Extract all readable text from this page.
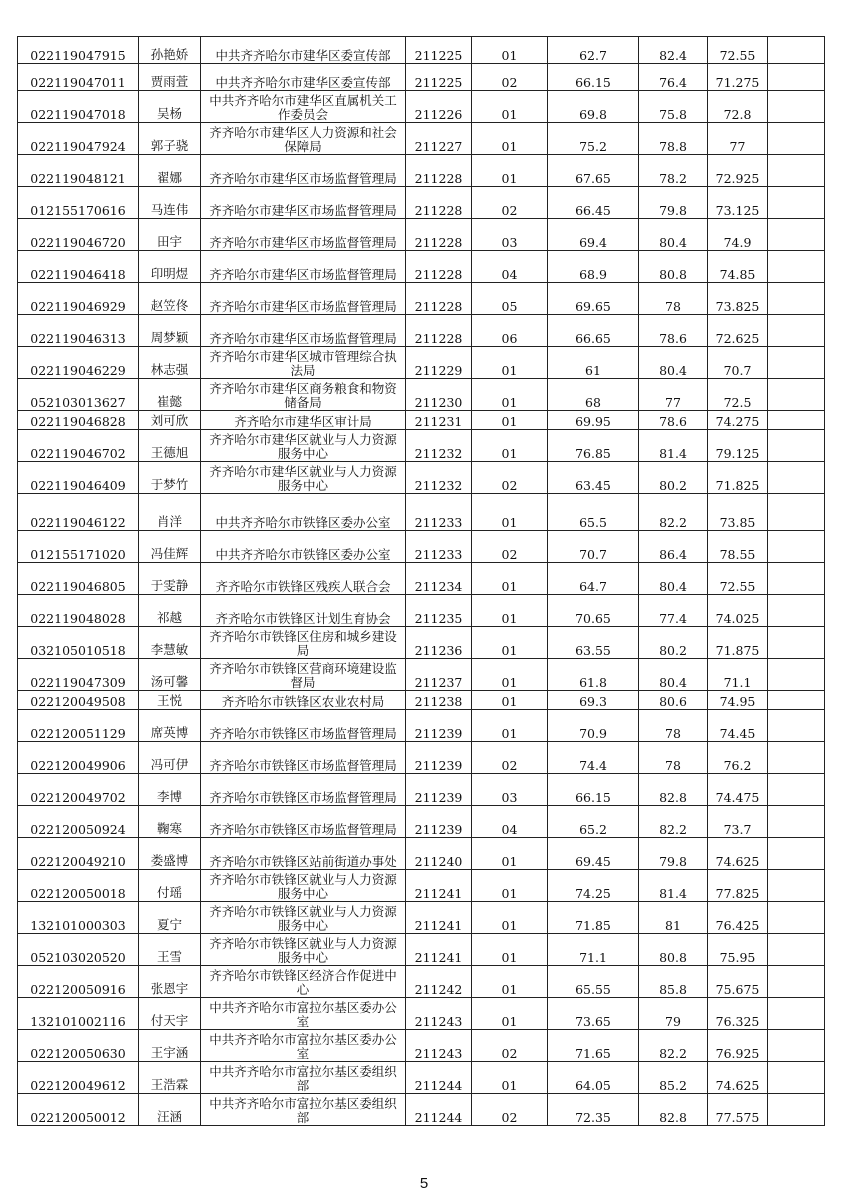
022119047915	孙艳娇	中共齐齐哈尔市建华区委宣传部	211225	01	62.7	82.4	72.55	
022119047011	贾雨萱	中共齐齐哈尔市建华区委宣传部	211225	02	66.15	76.4	71.275	
022119047018	吴杨	中共齐齐哈尔市建华区直属机关工作委员会	211226	01	69.8	75.8	72.8	
022119047924	郭子骁	齐齐哈尔市建华区人力资源和社会保障局	211227	01	75.2	78.8	77	
022119048121	翟娜	齐齐哈尔市建华区市场监督管理局	211228	01	67.65	78.2	72.925	
012155170616	马连伟	齐齐哈尔市建华区市场监督管理局	211228	02	66.45	79.8	73.125	
022119046720	田宇	齐齐哈尔市建华区市场监督管理局	211228	03	69.4	80.4	74.9	
022119046418	印明煜	齐齐哈尔市建华区市场监督管理局	211228	04	68.9	80.8	74.85	
022119046929	赵笠佟	齐齐哈尔市建华区市场监督管理局	211228	05	69.65	78	73.825	
022119046313	周梦颖	齐齐哈尔市建华区市场监督管理局	211228	06	66.65	78.6	72.625	
022119046229	林志强	齐齐哈尔市建华区城市管理综合执法局	211229	01	61	80.4	70.7	
052103013627	崔懿	齐齐哈尔市建华区商务粮食和物资储备局	211230	01	68	77	72.5	
022119046828	刘可欣	齐齐哈尔市建华区审计局	211231	01	69.95	78.6	74.275	
022119046702	王德旭	齐齐哈尔市建华区就业与人力资源服务中心	211232	01	76.85	81.4	79.125	
022119046409	于梦竹	齐齐哈尔市建华区就业与人力资源服务中心	211232	02	63.45	80.2	71.825	
022119046122	肖洋	中共齐齐哈尔市铁锋区委办公室	211233	01	65.5	82.2	73.85	
012155171020	冯佳辉	中共齐齐哈尔市铁锋区委办公室	211233	02	70.7	86.4	78.55	
022119046805	于雯静	齐齐哈尔市铁锋区残疾人联合会	211234	01	64.7	80.4	72.55	
022119048028	祁越	齐齐哈尔市铁锋区计划生育协会	211235	01	70.65	77.4	74.025	
032105010518	李慧敏	齐齐哈尔市铁锋区住房和城乡建设局	211236	01	63.55	80.2	71.875	
022119047309	汤可馨	齐齐哈尔市铁锋区营商环境建设监督局	211237	01	61.8	80.4	71.1	
022120049508	王悦	齐齐哈尔市铁锋区农业农村局	211238	01	69.3	80.6	74.95	
022120051129	席英博	齐齐哈尔市铁锋区市场监督管理局	211239	01	70.9	78	74.45	
022120049906	冯可伊	齐齐哈尔市铁锋区市场监督管理局	211239	02	74.4	78	76.2	
022120049702	李博	齐齐哈尔市铁锋区市场监督管理局	211239	03	66.15	82.8	74.475	
022120050924	鞠寒	齐齐哈尔市铁锋区市场监督管理局	211239	04	65.2	82.2	73.7	
022120049210	娄盛博	齐齐哈尔市铁锋区站前街道办事处	211240	01	69.45	79.8	74.625	
022120050018	付瑶	齐齐哈尔市铁锋区就业与人力资源服务中心	211241	01	74.25	81.4	77.825	
132101000303	夏宁	齐齐哈尔市铁锋区就业与人力资源服务中心	211241	01	71.85	81	76.425	
052103020520	王雪	齐齐哈尔市铁锋区就业与人力资源服务中心	211241	01	71.1	80.8	75.95	
022120050916	张恩宇	齐齐哈尔市铁锋区经济合作促进中心	211242	01	65.55	85.8	75.675	
132101002116	付天宇	中共齐齐哈尔市富拉尔基区委办公室	211243	01	73.65	79	76.325	
022120050630	王宇涵	中共齐齐哈尔市富拉尔基区委办公室	211243	02	71.65	82.2	76.925	
022120049612	王浩霖	中共齐齐哈尔市富拉尔基区委组织部	211244	01	64.05	85.2	74.625	
022120050012	汪涵	中共齐齐哈尔市富拉尔基区委组织部	211244	02	72.35	82.8	77.575	
5
